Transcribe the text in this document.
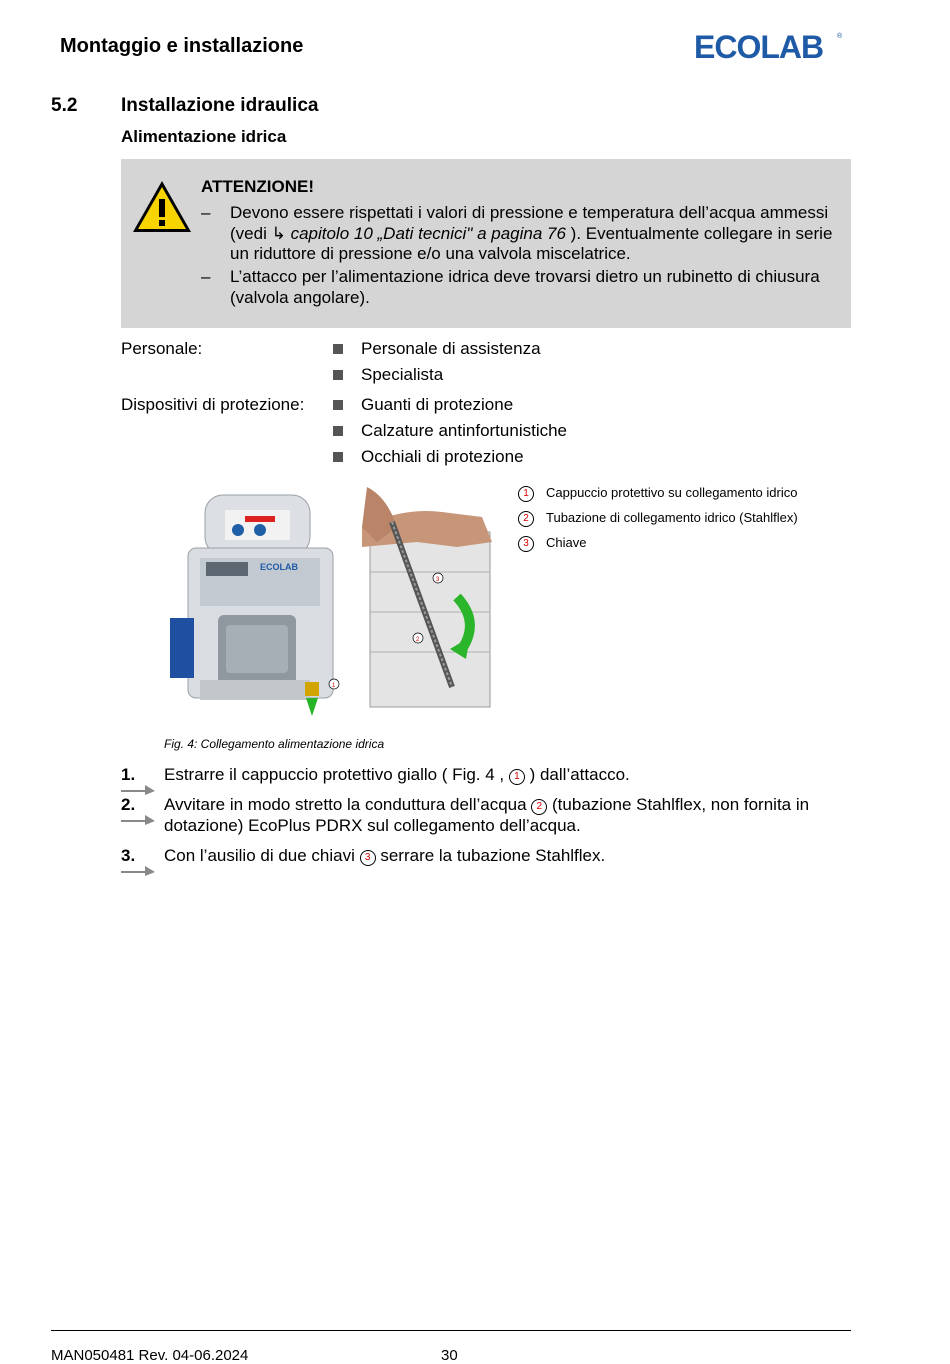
Montaggio e installazione	ECOLAB ®
5.2 Installazione idraulica
Alimentazione idrica
ATTENZIONE!
– Devono essere rispettati i valori di pressione e temperatura dell’acqua ammessi (vedi ↳ capitolo 10 „Dati tecnici" a pagina 76 ). Eventualmente collegare in serie un riduttore di pressione e/o una valvola miscelatrice.
– L’attacco per l’alimentazione idrica deve trovarsi dietro un rubinetto di chiusura (valvola angolare).
Personale:	Personale di assistenza
Specialista
Dispositivi di protezione:	Guanti di protezione
Calzature antinfortunistiche
Occhiali di protezione
ECOLAB
1
3
2
1 Cappuccio protettivo su collegamento idrico
2 Tubazione di collegamento idrico (Stahlflex)
3 Chiave
Fig. 4: Collegamento alimentazione idrica
1. Estrarre il cappuccio protettivo giallo ( Fig. 4 , 1 ) dall’attacco.
2. Avvitare in modo stretto la conduttura dell’acqua 2 (tubazione Stahlflex, non fornita in dotazione) EcoPlus PDRX sul collegamento dell’acqua.
3. Con l’ausilio di due chiavi 3 serrare la tubazione Stahlflex.
MAN050481 Rev. 04-06.2024	30
